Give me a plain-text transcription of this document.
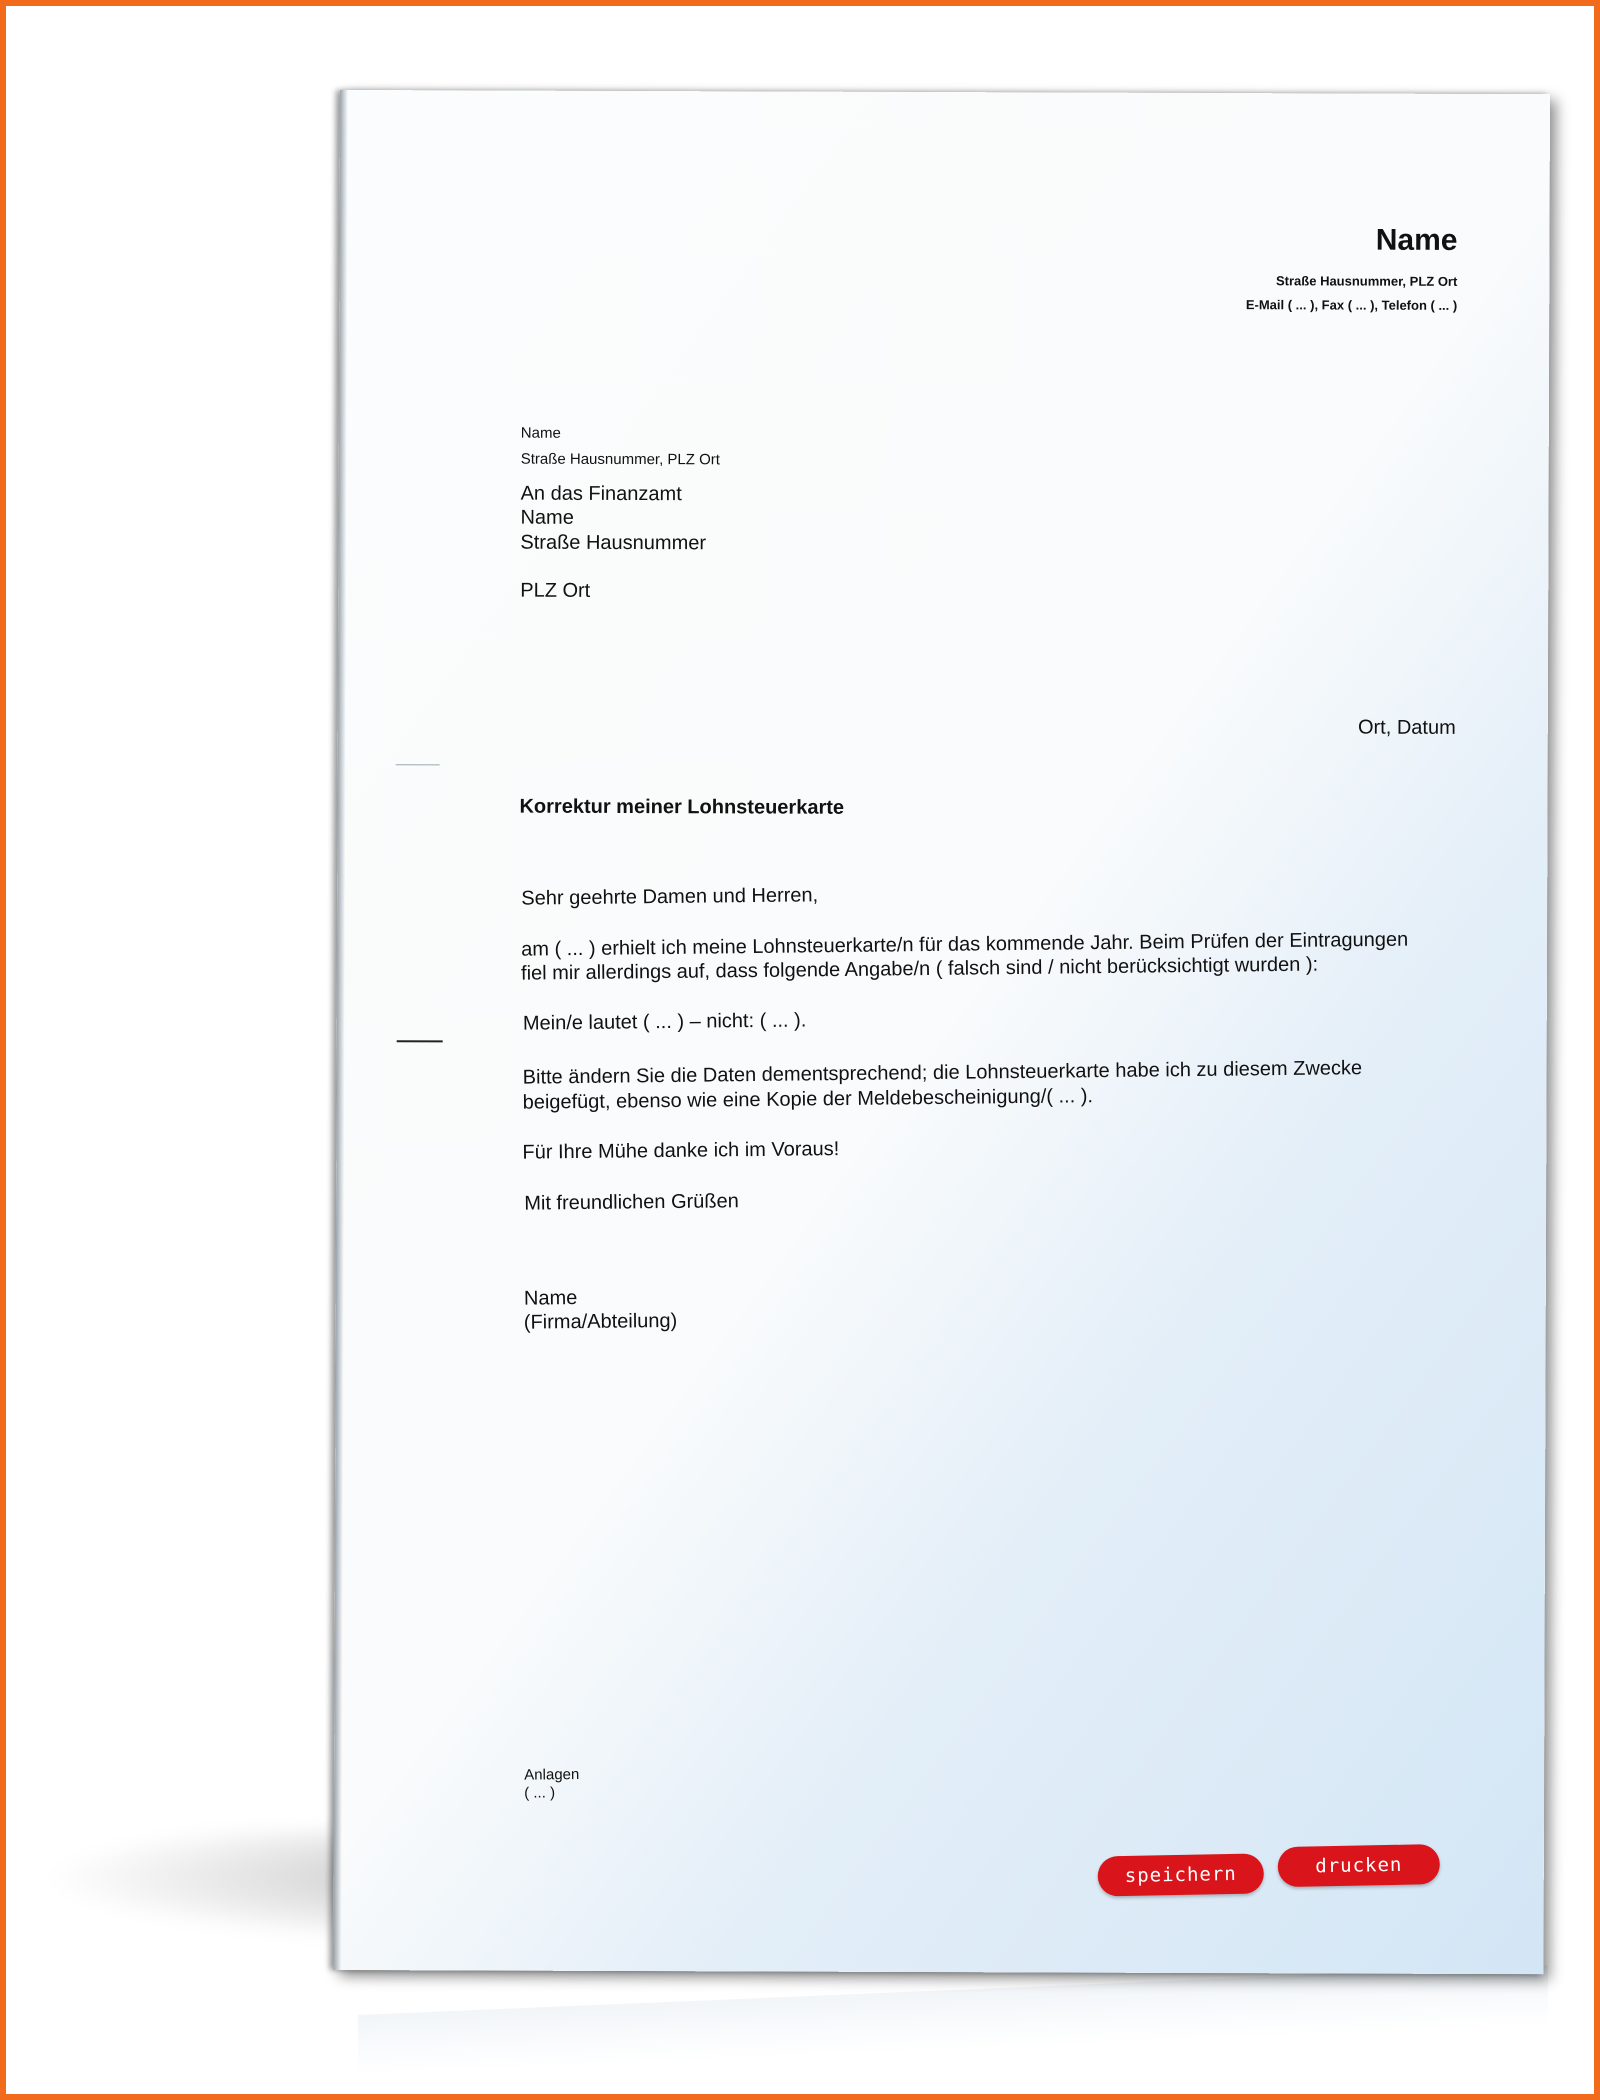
Name
Straße Hausnummer, PLZ Ort
E-Mail ( ... ), Fax ( ... ), Telefon ( ... )
Name
Straße Hausnummer, PLZ Ort
An das Finanzamt
Name
Straße Hausnummer
PLZ Ort
Ort, Datum
Korrektur meiner Lohnsteuerkarte
Sehr geehrte Damen und Herren,
am ( ... ) erhielt ich meine Lohnsteuerkarte/n für das kommende Jahr. Beim Prüfen der Eintragungen
fiel mir allerdings auf, dass folgende Angabe/n ( falsch sind / nicht berücksichtigt wurden ):
Mein/e lautet ( ... ) – nicht: ( ... ).
Bitte ändern Sie die Daten dementsprechend; die Lohnsteuerkarte habe ich zu diesem Zwecke
beigefügt, ebenso wie eine Kopie der Meldebescheinigung/( ... ).
Für Ihre Mühe danke ich im Voraus!
Mit freundlichen Grüßen
Name
(Firma/Abteilung)
Anlagen
( ... )
speichern	drucken
